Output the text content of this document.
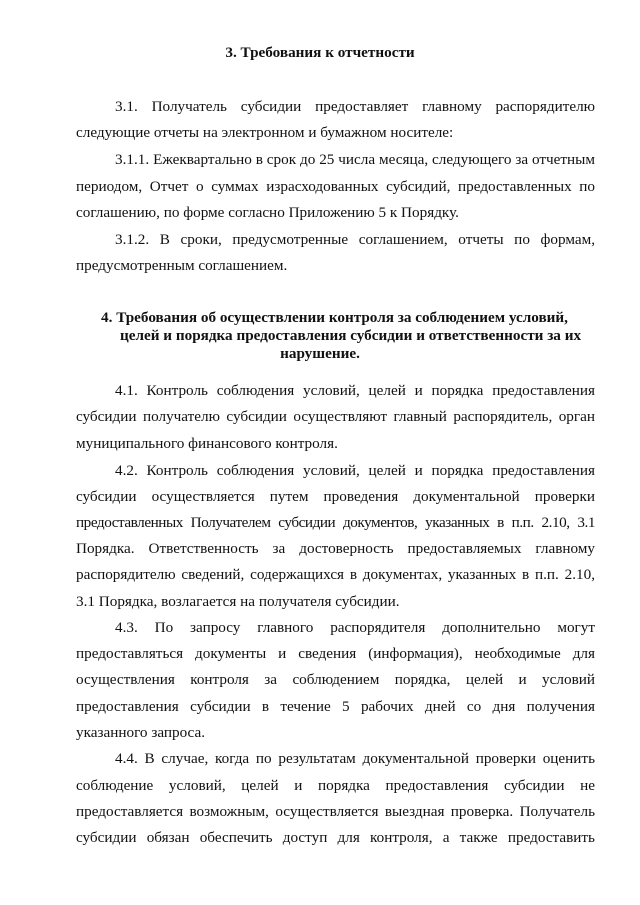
3. Требования к отчетности
3.1. Получатель субсидии предоставляет главному распорядителю
следующие отчеты на электронном и бумажном носителе:
3.1.1. Ежеквартально в срок до 25 числа месяца, следующего за отчетным
периодом, Отчет о суммах израсходованных субсидий, предоставленных по
соглашению, по форме согласно Приложению 5 к Порядку.
3.1.2. В сроки, предусмотренные соглашением, отчеты по формам,
предусмотренным соглашением.
4. Требования об осуществлении контроля за соблюдением условий,
целей и порядка предоставления субсидии и ответственности за их
нарушение.
4.1. Контроль соблюдения условий, целей и порядка предоставления
субсидии получателю субсидии осуществляют главный распорядитель, орган
муниципального финансового контроля.
4.2. Контроль соблюдения условий, целей и порядка предоставления
субсидии осуществляется путем проведения документальной проверки
предоставленных Получателем субсидии документов, указанных в п.п. 2.10, 3.1
Порядка. Ответственность за достоверность предоставляемых главному
распорядителю сведений, содержащихся в документах, указанных в п.п. 2.10,
3.1 Порядка, возлагается на получателя субсидии.
4.3. По запросу главного распорядителя дополнительно могут
предоставляться документы и сведения (информация), необходимые для
осуществления контроля за соблюдением порядка, целей и условий
предоставления субсидии в течение 5 рабочих дней со дня получения
указанного запроса.
4.4. В случае, когда по результатам документальной проверки оценить
соблюдение условий, целей и порядка предоставления субсидии не
предоставляется возможным, осуществляется выездная проверка. Получатель
субсидии обязан обеспечить доступ для контроля, а также предоставить
